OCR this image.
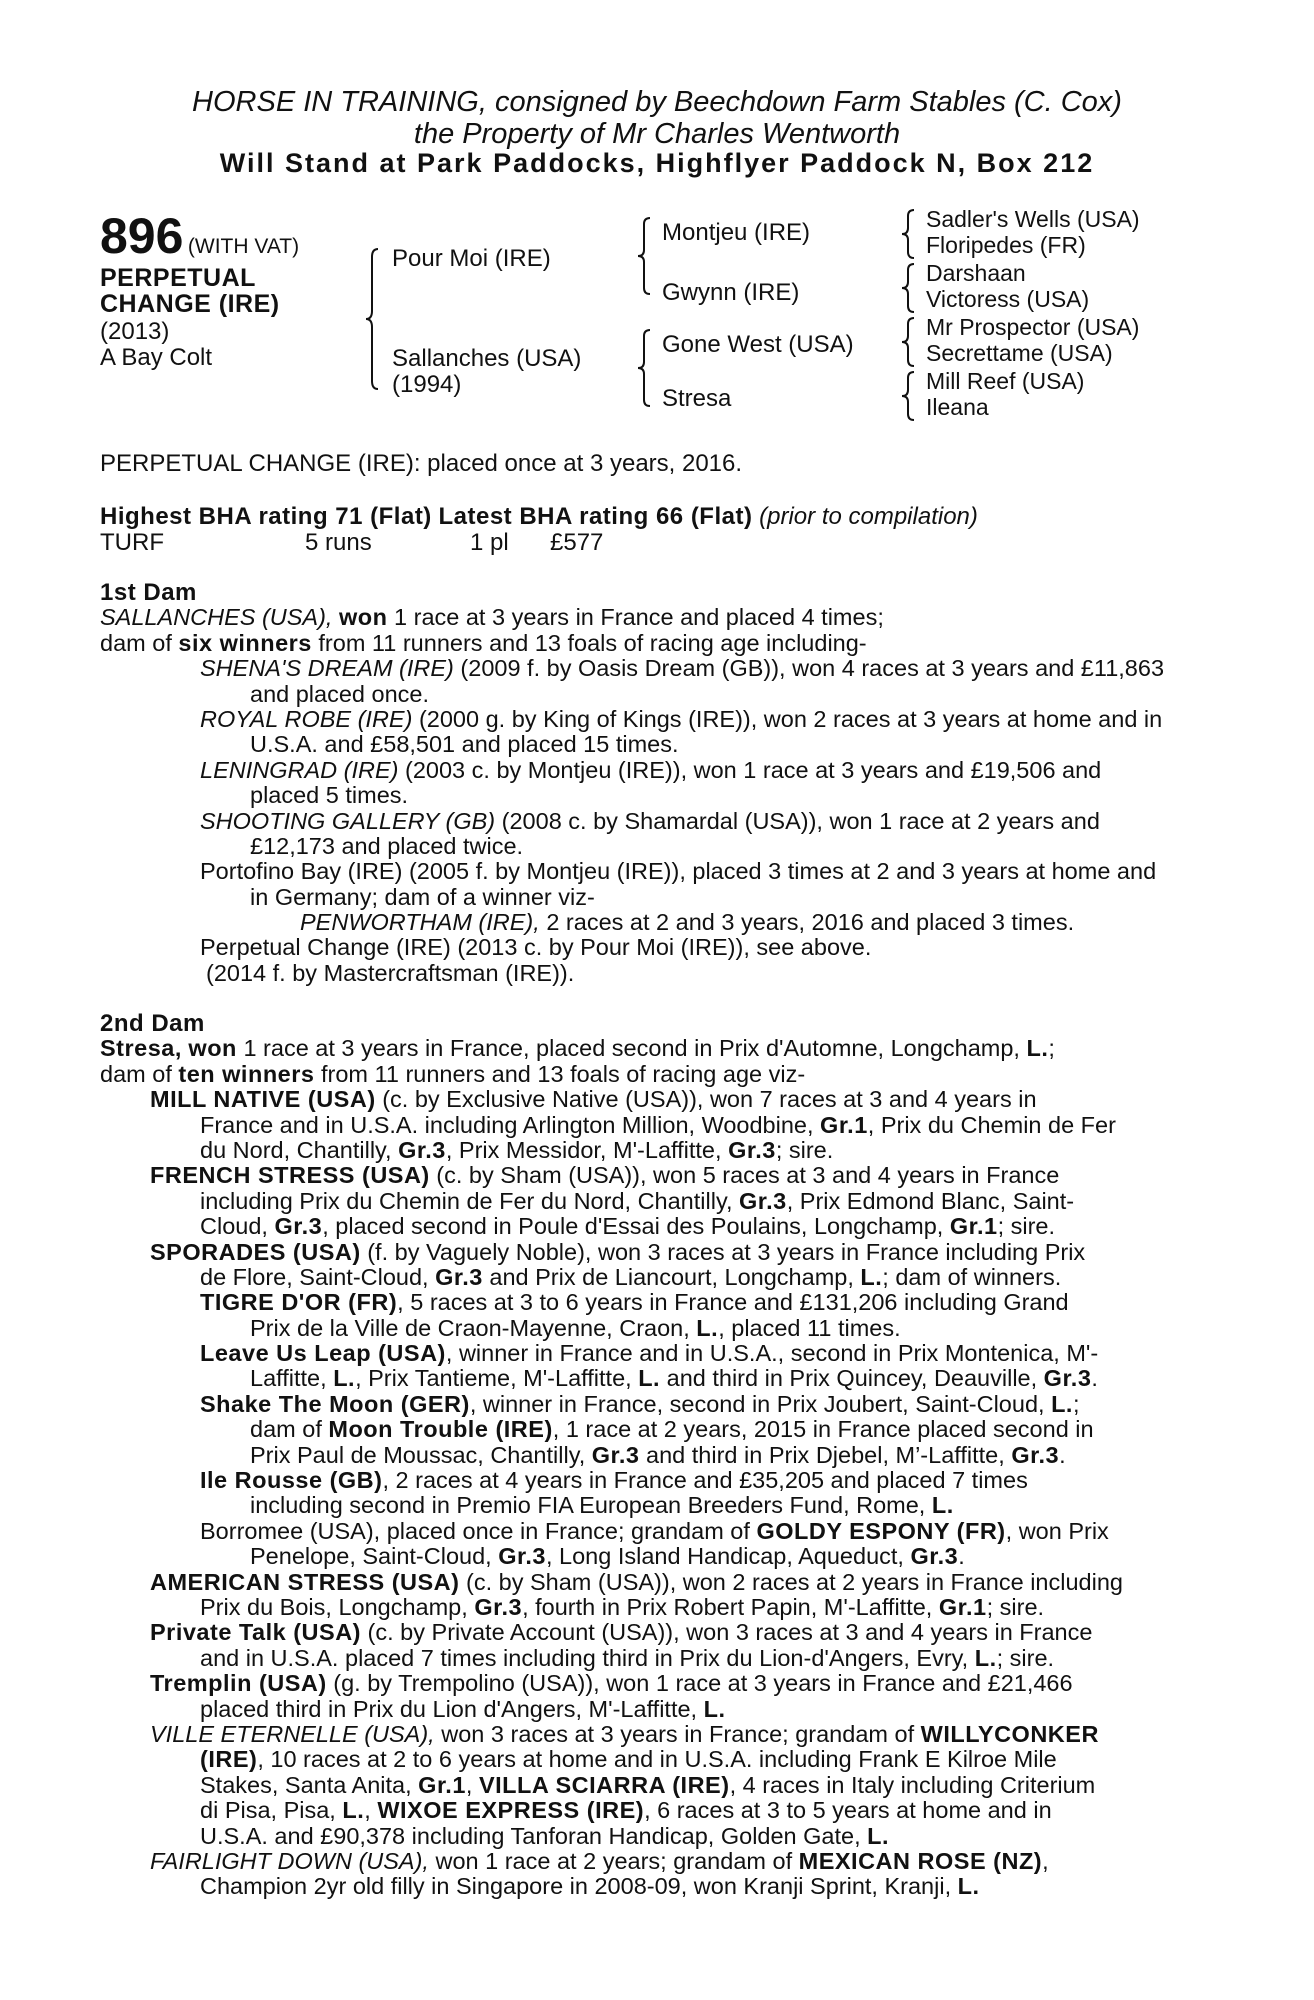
HORSE IN TRAINING, consigned by Beechdown Farm Stables (C. Cox)
the Property of Mr Charles Wentworth
Will Stand at Park Paddocks, Highflyer Paddock N, Box 212
896 (WITH VAT)
PERPETUAL
CHANGE (IRE)
(2013)
A Bay Colt
Pour Moi (IRE)
Sallanches (USA)
(1994)
Montjeu (IRE)
Gwynn (IRE)
Gone West (USA)
Stresa
Sadler's Wells (USA)
Floripedes (FR)
Darshaan
Victoress (USA)
Mr Prospector (USA)
Secrettame (USA)
Mill Reef (USA)
Ileana
PERPETUAL CHANGE (IRE): placed once at 3 years, 2016.
Highest BHA rating 71 (Flat) Latest BHA rating 66 (Flat) (prior to compilation)
TURF	5 runs	1 pl £577
1st Dam
SALLANCHES (USA), won 1 race at 3 years in France and placed 4 times;
dam of six winners from 11 runners and 13 foals of racing age including-
SHENA'S DREAM (IRE) (2009 f. by Oasis Dream (GB)), won 4 races at 3 years and £11,863
and placed once.
ROYAL ROBE (IRE) (2000 g. by King of Kings (IRE)), won 2 races at 3 years at home and in
U.S.A. and £58,501 and placed 15 times.
LENINGRAD (IRE) (2003 c. by Montjeu (IRE)), won 1 race at 3 years and £19,506 and
placed 5 times.
SHOOTING GALLERY (GB) (2008 c. by Shamardal (USA)), won 1 race at 2 years and
£12,173 and placed twice.
Portofino Bay (IRE) (2005 f. by Montjeu (IRE)), placed 3 times at 2 and 3 years at home and
in Germany; dam of a winner viz-
PENWORTHAM (IRE), 2 races at 2 and 3 years, 2016 and placed 3 times.
Perpetual Change (IRE) (2013 c. by Pour Moi (IRE)), see above.
(2014 f. by Mastercraftsman (IRE)).
2nd Dam
Stresa, won 1 race at 3 years in France, placed second in Prix d'Automne, Longchamp, L.;
dam of ten winners from 11 runners and 13 foals of racing age viz-
MILL NATIVE (USA) (c. by Exclusive Native (USA)), won 7 races at 3 and 4 years in
France and in U.S.A. including Arlington Million, Woodbine, Gr.1, Prix du Chemin de Fer
du Nord, Chantilly, Gr.3, Prix Messidor, M'-Laffitte, Gr.3; sire.
FRENCH STRESS (USA) (c. by Sham (USA)), won 5 races at 3 and 4 years in France
including Prix du Chemin de Fer du Nord, Chantilly, Gr.3, Prix Edmond Blanc, Saint-
Cloud, Gr.3, placed second in Poule d'Essai des Poulains, Longchamp, Gr.1; sire.
SPORADES (USA) (f. by Vaguely Noble), won 3 races at 3 years in France including Prix
de Flore, Saint-Cloud, Gr.3 and Prix de Liancourt, Longchamp, L.; dam of winners.
TIGRE D'OR (FR), 5 races at 3 to 6 years in France and £131,206 including Grand
Prix de la Ville de Craon-Mayenne, Craon, L., placed 11 times.
Leave Us Leap (USA), winner in France and in U.S.A., second in Prix Montenica, M'-
Laffitte, L., Prix Tantieme, M'-Laffitte, L. and third in Prix Quincey, Deauville, Gr.3.
Shake The Moon (GER), winner in France, second in Prix Joubert, Saint-Cloud, L.;
dam of Moon Trouble (IRE), 1 race at 2 years, 2015 in France placed second in
Prix Paul de Moussac, Chantilly, Gr.3 and third in Prix Djebel, M’-Laffitte, Gr.3.
Ile Rousse (GB), 2 races at 4 years in France and £35,205 and placed 7 times
including second in Premio FIA European Breeders Fund, Rome, L.
Borromee (USA), placed once in France; grandam of GOLDY ESPONY (FR), won Prix
Penelope, Saint-Cloud, Gr.3, Long Island Handicap, Aqueduct, Gr.3.
AMERICAN STRESS (USA) (c. by Sham (USA)), won 2 races at 2 years in France including
Prix du Bois, Longchamp, Gr.3, fourth in Prix Robert Papin, M'-Laffitte, Gr.1; sire.
Private Talk (USA) (c. by Private Account (USA)), won 3 races at 3 and 4 years in France
and in U.S.A. placed 7 times including third in Prix du Lion-d'Angers, Evry, L.; sire.
Tremplin (USA) (g. by Trempolino (USA)), won 1 race at 3 years in France and £21,466
placed third in Prix du Lion d'Angers, M'-Laffitte, L.
VILLE ETERNELLE (USA), won 3 races at 3 years in France; grandam of WILLYCONKER
(IRE), 10 races at 2 to 6 years at home and in U.S.A. including Frank E Kilroe Mile
Stakes, Santa Anita, Gr.1, VILLA SCIARRA (IRE), 4 races in Italy including Criterium
di Pisa, Pisa, L., WIXOE EXPRESS (IRE), 6 races at 3 to 5 years at home and in
U.S.A. and £90,378 including Tanforan Handicap, Golden Gate, L.
FAIRLIGHT DOWN (USA), won 1 race at 2 years; grandam of MEXICAN ROSE (NZ),
Champion 2yr old filly in Singapore in 2008-09, won Kranji Sprint, Kranji, L.
